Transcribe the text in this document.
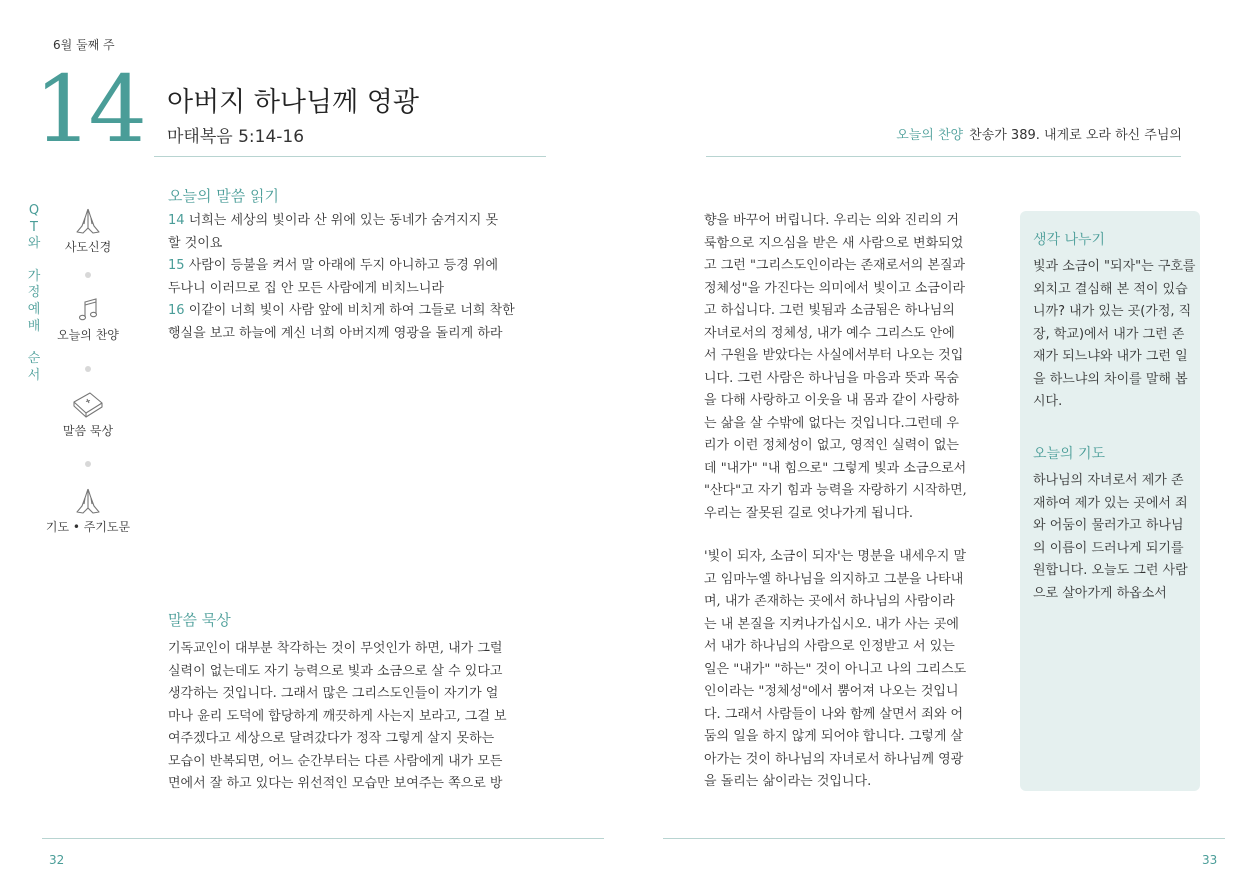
6월 둘째 주
14 아버지 하나님께 영광
마태복음 5:14-16	오늘의 찬양 찬송가 389. 내게로 오라 하신 주님의
Q
T
와
가
정
예
배
순
서
사도신경
오늘의 찬양
말씀 묵상
기도 • 주기도문
오늘의 말씀 읽기
14 너희는 세상의 빛이라 산 위에 있는 동네가 숨겨지지 못
할 것이요
15 사람이 등불을 켜서 말 아래에 두지 아니하고 등경 위에
두나니 이러므로 집 안 모든 사람에게 비치느니라
16 이같이 너희 빛이 사람 앞에 비치게 하여 그들로 너희 착한
행실을 보고 하늘에 계신 너희 아버지께 영광을 돌리게 하라
말씀 묵상
기독교인이 대부분 착각하는 것이 무엇인가 하면, 내가 그럴
실력이 없는데도 자기 능력으로 빛과 소금으로 살 수 있다고
생각하는 것입니다. 그래서 많은 그리스도인들이 자기가 얼
마나 윤리 도덕에 합당하게 깨끗하게 사는지 보라고, 그걸 보
여주겠다고 세상으로 달려갔다가 정작 그렇게 살지 못하는
모습이 반복되면, 어느 순간부터는 다른 사람에게 내가 모든
면에서 잘 하고 있다는 위선적인 모습만 보여주는 쪽으로 방
향을 바꾸어 버립니다. 우리는 의와 진리의 거
룩함으로 지으심을 받은 새 사람으로 변화되었
고 그런 "그리스도인이라는 존재로서의 본질과
정체성"을 가진다는 의미에서 빛이고 소금이라
고 하십니다. 그런 빛됨과 소금됨은 하나님의
자녀로서의 정체성, 내가 예수 그리스도 안에
서 구원을 받았다는 사실에서부터 나오는 것입
니다. 그런 사람은 하나님을 마음과 뜻과 목숨
을 다해 사랑하고 이웃을 내 몸과 같이 사랑하
는 삶을 살 수밖에 없다는 것입니다.그런데 우
리가 이런 정체성이 없고, 영적인 실력이 없는
데 "내가" "내 힘으로" 그렇게 빛과 소금으로서
"산다"고 자기 힘과 능력을 자랑하기 시작하면,
우리는 잘못된 길로 엇나가게 됩니다.
'빛이 되자, 소금이 되자'는 명분을 내세우지 말
고 임마누엘 하나님을 의지하고 그분을 나타내
며, 내가 존재하는 곳에서 하나님의 사람이라
는 내 본질을 지켜나가십시오. 내가 사는 곳에
서 내가 하나님의 사람으로 인정받고 서 있는
일은 "내가" "하는" 것이 아니고 나의 그리스도
인이라는 "정체성"에서 뿜어져 나오는 것입니
다. 그래서 사람들이 나와 함께 살면서 죄와 어
둠의 일을 하지 않게 되어야 합니다. 그렇게 살
아가는 것이 하나님의 자녀로서 하나님께 영광
을 돌리는 삶이라는 것입니다.
생각 나누기
빛과 소금이 "되자"는 구호를
외치고 결심해 본 적이 있습
니까? 내가 있는 곳(가정, 직
장, 학교)에서 내가 그런 존
재가 되느냐와 내가 그런 일
을 하느냐의 차이를 말해 봅
시다.
오늘의 기도
하나님의 자녀로서 제가 존
재하여 제가 있는 곳에서 죄
와 어둠이 물러가고 하나님
의 이름이 드러나게 되기를
원합니다. 오늘도 그런 사람
으로 살아가게 하옵소서
32	33
